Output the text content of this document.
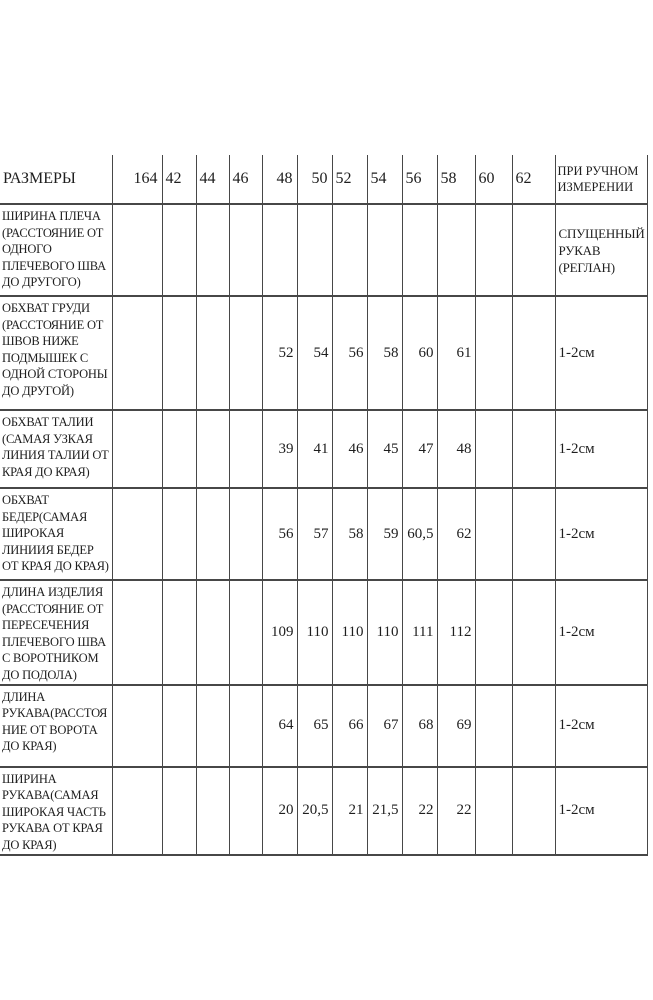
РАЗМЕРЫ	164	42	44	46	48	50	52	54	56	58	60	62	ПРИ РУЧНОМ ИЗМЕРЕНИИ
ШИРИНА ПЛЕЧА (РАССТОЯНИЕ ОТ ОДНОГО ПЛЕЧЕВОГО ШВА ДО ДРУГОГО)													СПУЩЕННЫЙ РУКАВ (РЕГЛАН)
ОБХВАТ ГРУДИ (РАССТОЯНИЕ ОТ ШВОВ НИЖЕ ПОДМЫШЕК С ОДНОЙ СТОРОНЫ ДО ДРУГОЙ)					52	54	56	58	60	61			1-2см
ОБХВАТ ТАЛИИ (САМАЯ УЗКАЯ ЛИНИЯ ТАЛИИ ОТ КРАЯ ДО КРАЯ)					39	41	46	45	47	48			1-2см
ОБХВАТ БЕДЕР(САМАЯ ШИРОКАЯ ЛИНИИЯ БЕДЕР ОТ КРАЯ ДО КРАЯ)					56	57	58	59	60,5	62			1-2см
ДЛИНА ИЗДЕЛИЯ (РАССТОЯНИЕ ОТ ПЕРЕСЕЧЕНИЯ ПЛЕЧЕВОГО ШВА С ВОРОТНИКОМ ДО ПОДОЛА)					109	110	110	110	111	112			1-2см
ДЛИНА РУКАВА(РАССТОЯНИЕ ОТ ВОРОТА ДО КРАЯ)					64	65	66	67	68	69			1-2см
ШИРИНА РУКАВА(САМАЯ ШИРОКАЯ ЧАСТЬ РУКАВА ОТ КРАЯ ДО КРАЯ)					20	20,5	21	21,5	22	22			1-2см
